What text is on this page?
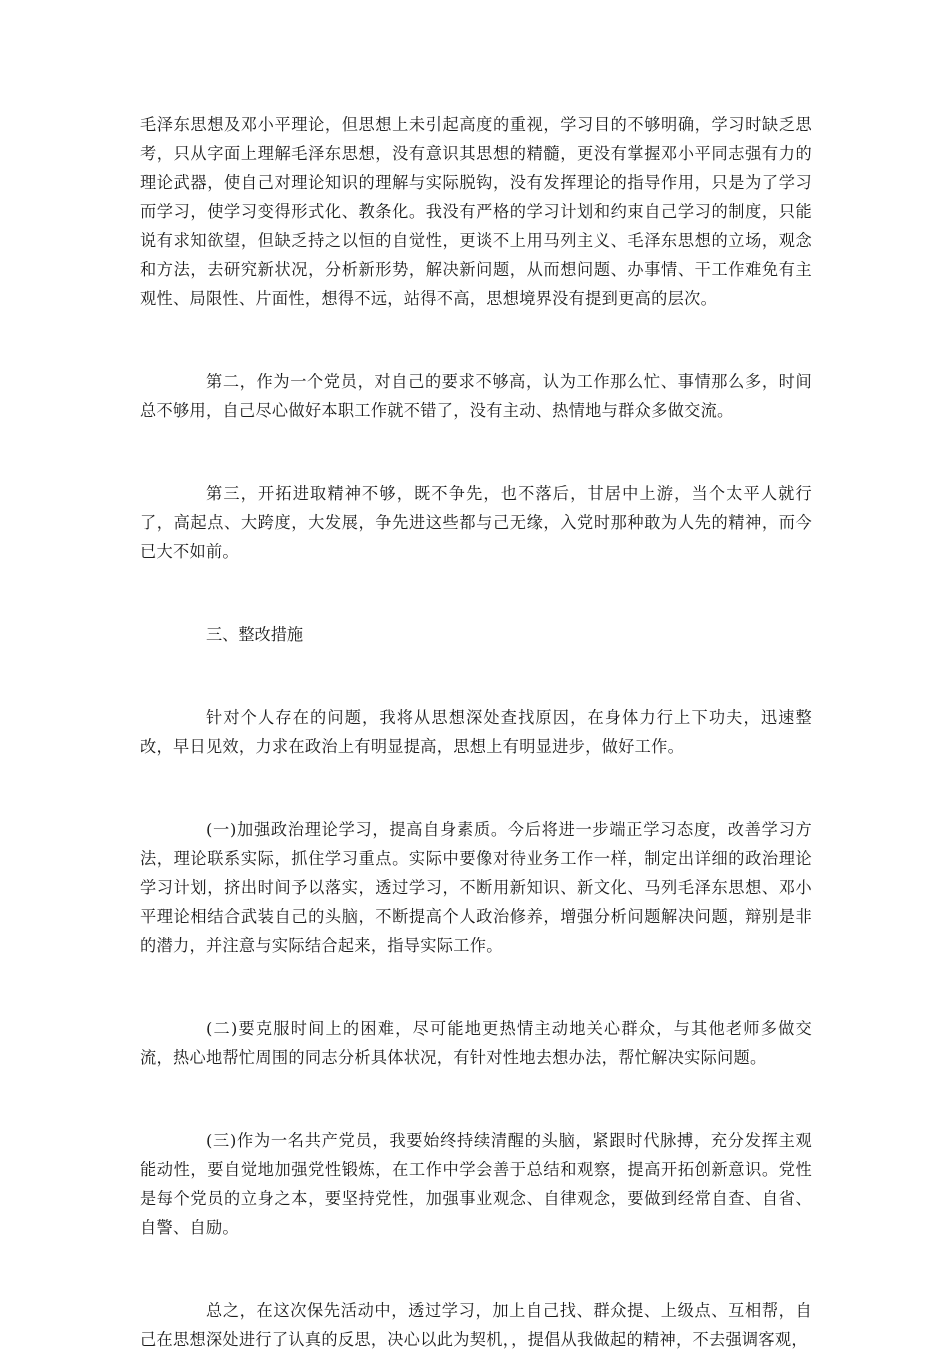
毛泽东思想及邓小平理论，但思想上未引起高度的重视，学习目的不够明确，学习时缺乏思考，只从字面上理解毛泽东思想，没有意识其思想的精髓，更没有掌握邓小平同志强有力的理论武器，使自己对理论知识的理解与实际脱钩，没有发挥理论的指导作用，只是为了学习而学习，使学习变得形式化、教条化。我没有严格的学习计划和约束自己学习的制度，只能说有求知欲望，但缺乏持之以恒的自觉性，更谈不上用马列主义、毛泽东思想的立场，观念和方法，去研究新状况，分析新形势，解决新问题，从而想问题、办事情、干工作难免有主观性、局限性、片面性，想得不远，站得不高，思想境界没有提到更高的层次。

第二，作为一个党员，对自己的要求不够高，认为工作那么忙、事情那么多，时间总不够用，自己尽心做好本职工作就不错了，没有主动、热情地与群众多做交流。

第三，开拓进取精神不够，既不争先，也不落后，甘居中上游，当个太平人就行了，高起点、大跨度，大发展，争先进这些都与己无缘，入党时那种敢为人先的精神，而今已大不如前。

三、整改措施

针对个人存在的问题，我将从思想深处查找原因，在身体力行上下功夫，迅速整改，早日见效，力求在政治上有明显提高，思想上有明显进步，做好工作。

(一)加强政治理论学习，提高自身素质。今后将进一步端正学习态度，改善学习方法，理论联系实际，抓住学习重点。实际中要像对待业务工作一样，制定出详细的政治理论学习计划，挤出时间予以落实，透过学习，不断用新知识、新文化、马列毛泽东思想、邓小平理论相结合武装自己的头脑，不断提高个人政治修养，增强分析问题解决问题，辩别是非的潜力，并注意与实际结合起来，指导实际工作。

(二)要克服时间上的困难，尽可能地更热情主动地关心群众，与其他老师多做交流，热心地帮忙周围的同志分析具体状况，有针对性地去想办法，帮忙解决实际问题。

(三)作为一名共产党员，我要始终持续清醒的头脑，紧跟时代脉搏，充分发挥主观能动性，要自觉地加强党性锻炼，在工作中学会善于总结和观察，提高开拓创新意识。党性是每个党员的立身之本，要坚持党性，加强事业观念、自律观念，要做到经常自查、自省、自警、自励。

总之，在这次保先活动中，透过学习，加上自己找、群众提、上级点、互相帮，自己在思想深处进行了认真的反思，决心以此为契机，，提倡从我做起的精神，不去强调客观，
